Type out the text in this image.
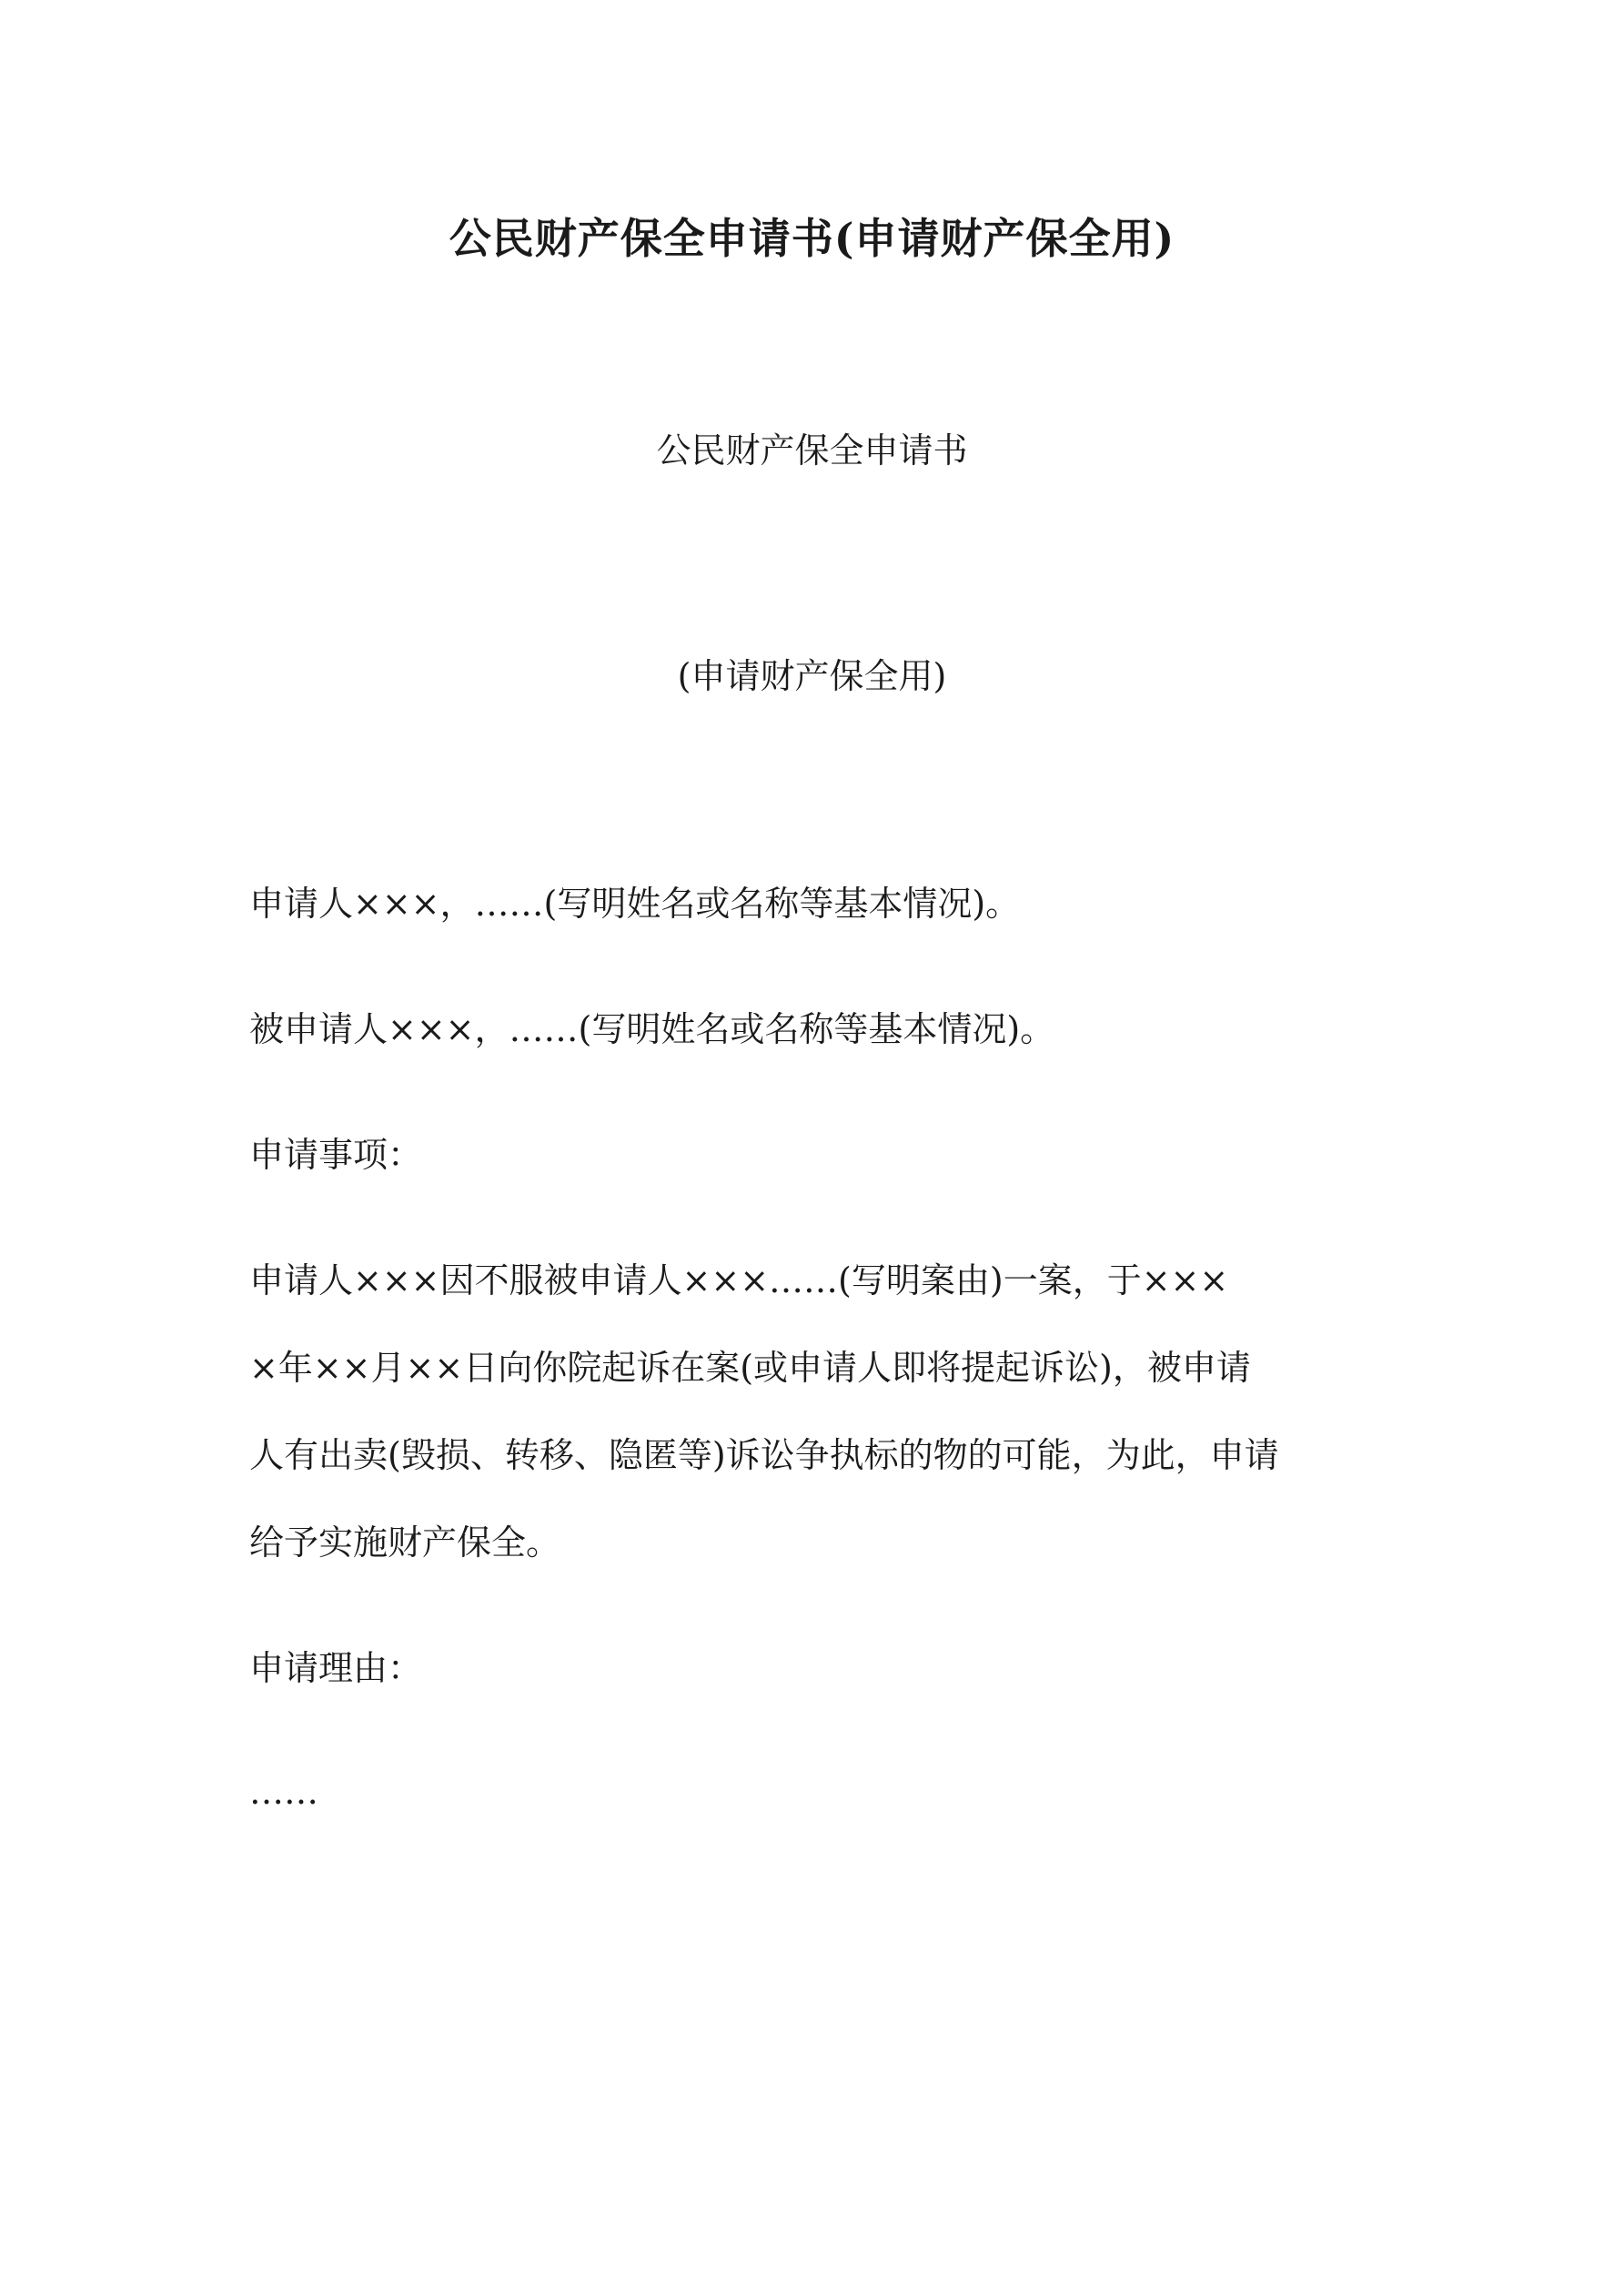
公民财产保全申请书(申请财产保全用)
公民财产保全申请书
(申请财产保全用)
申请人×××，……(写明姓名或名称等基本情况)。
被申请人×××，……(写明姓名或名称等基本情况)。
申请事项：
申请人×××因不服被申请人×××……(写明案由)一案，于×××
×年××月××日向你院起诉在案(或申请人即将提起诉讼)，被申请
人有出卖(毁损、转移、隐匿等)诉讼争执标的物的可能，为此，申请
给予实施财产保全。
申请理由：
……
